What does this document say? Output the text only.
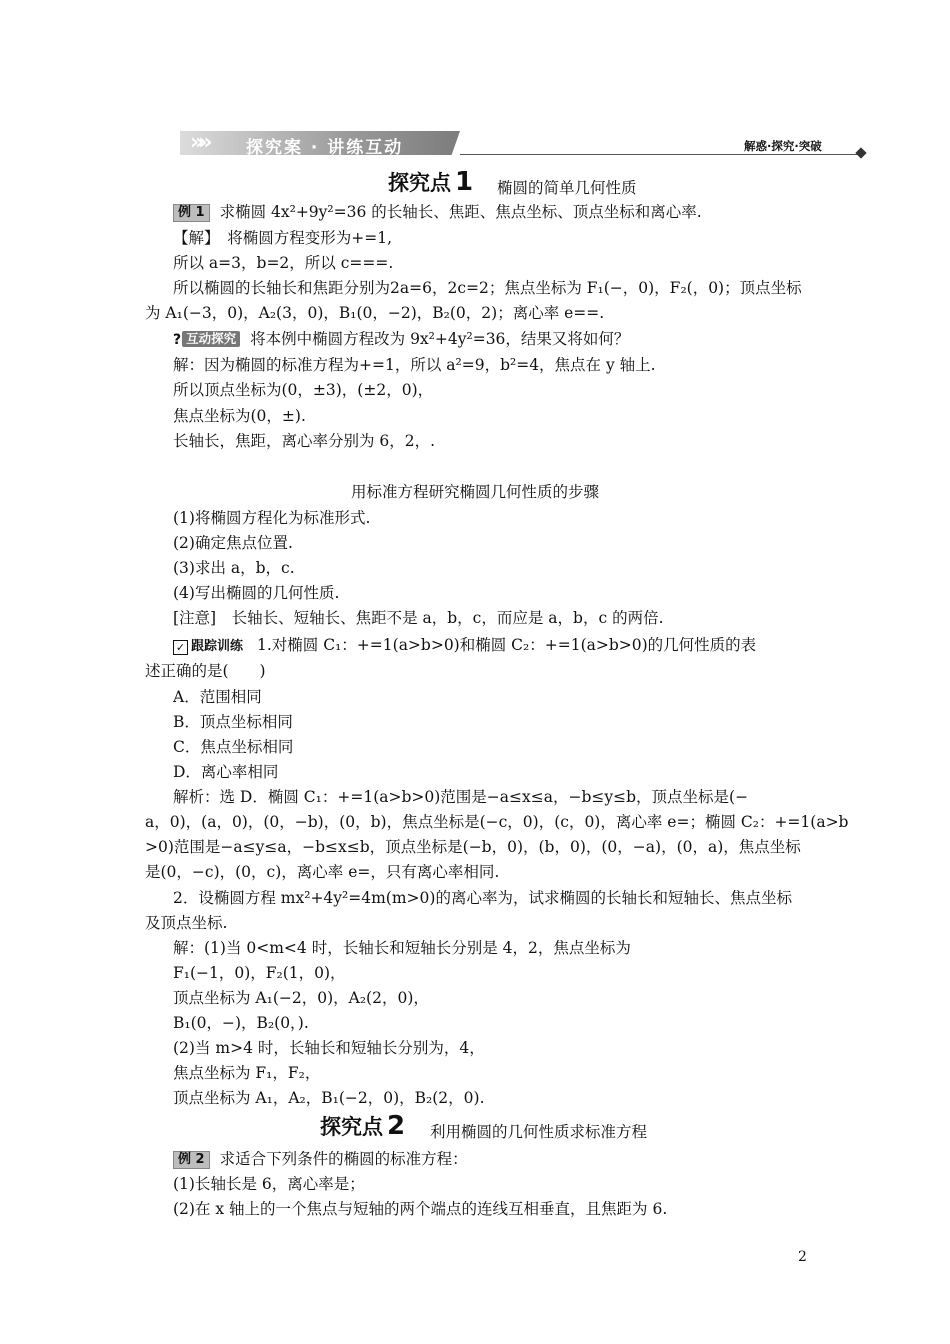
»» 探究案 · 讲练互动	解惑·探究·突破
探究点 1 椭圆的简单几何性质
例 1 求椭圆 4x²+9y²=36 的长轴长、焦距、焦点坐标、顶点坐标和离心率.
【解】　 将椭圆方程变形为+=1,
所以 a=3，b=2，所以 c===.
所以椭圆的长轴长和焦距分别为2a=6，2c=2；焦点坐标为 F₁(−，0)，F₂(，0)；顶点坐标
为 A₁(−3，0)，A₂(3，0)，B₁(0，−2)，B₂(0，2)；离心率 e==.
? 互动探究 将本例中椭圆方程改为 9x²+4y²=36，结果又将如何？
解：因为椭圆的标准方程为+=1，所以 a²=9，b²=4，焦点在 y 轴上.
所以顶点坐标为(0，±3)，(±2，0)，
焦点坐标为(0，±).
长轴长，焦距，离心率分别为 6，2，.
用标准方程研究椭圆几何性质的步骤
(1)将椭圆方程化为标准形式.
(2)确定焦点位置.
(3)求出 a，b，c.
(4)写出椭圆的几何性质.
[注意]　长轴长、短轴长、焦距不是 a，b，c，而应是 a，b，c 的两倍.
✓ 跟踪训练 1.对椭圆 C₁：+=1(a>b>0)和椭圆 C₂：+=1(a>b>0)的几何性质的表
述正确的是(　　)
A．范围相同
B．顶点坐标相同
C．焦点坐标相同
D．离心率相同
解析：选 D．椭圆 C₁：+=1(a>b>0)范围是−a≤x≤a，−b≤y≤b，顶点坐标是(−
a，0)，(a，0)，(0，−b)，(0，b)，焦点坐标是(−c，0)，(c，0)，离心率 e=；椭圆 C₂：+=1(a>b
>0)范围是−a≤y≤a，−b≤x≤b，顶点坐标是(−b，0)，(b，0)，(0，−a)，(0，a)，焦点坐标
是(0，−c)，(0，c)，离心率 e=，只有离心率相同.
2．设椭圆方程 mx²+4y²=4m(m>0)的离心率为，试求椭圆的长轴长和短轴长、焦点坐标
及顶点坐标.
解：(1)当 0<m<4 时，长轴长和短轴长分别是 4，2，焦点坐标为
F₁(−1，0)，F₂(1，0)，
顶点坐标为 A₁(−2，0)，A₂(2，0)，
B₁(0，−)，B₂(0，).
(2)当 m>4 时，长轴长和短轴长分别为，4，
焦点坐标为 F₁，F₂，
顶点坐标为 A₁，A₂，B₁(−2，0)，B₂(2，0).
探究点 2 利用椭圆的几何性质求标准方程
例 2 求适合下列条件的椭圆的标准方程：
(1)长轴长是 6，离心率是；
(2)在 x 轴上的一个焦点与短轴的两个端点的连线互相垂直，且焦距为 6.
2
